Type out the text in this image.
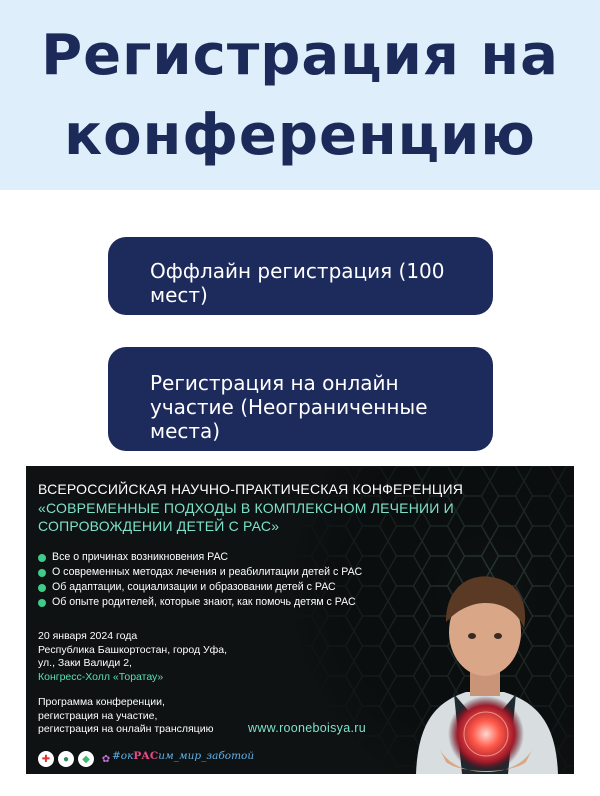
Регистрация на конференцию
Оффлайн регистрация (100 мест)
Регистрация на онлайн участие (Неограниченные места)
ВСЕРОССИЙСКАЯ НАУЧНО-ПРАКТИЧЕСКАЯ КОНФЕРЕНЦИЯ
«СОВРЕМЕННЫЕ ПОДХОДЫ В КОМПЛЕКСНОМ ЛЕЧЕНИИ И СОПРОВОЖДЕНИИ ДЕТЕЙ С РАС»
Все о причинах возникновения РАС
О современных методах лечения и реабилитации детей с РАС
Об адаптации, социализации и образовании детей с РАС
Об опыте родителей, которые знают, как помочь детям с РАС
20 января 2024 года
Республика Башкортостан, город Уфа,
ул., Заки Валиди 2,
Конгресс-Холл «Торатау»
Программа конференции,
регистрация на участие,
регистрация на онлайн трансляцию	www.rooneboisya.ru
✚ ● ◆ ✿ #окРАСим_мир_заботой
